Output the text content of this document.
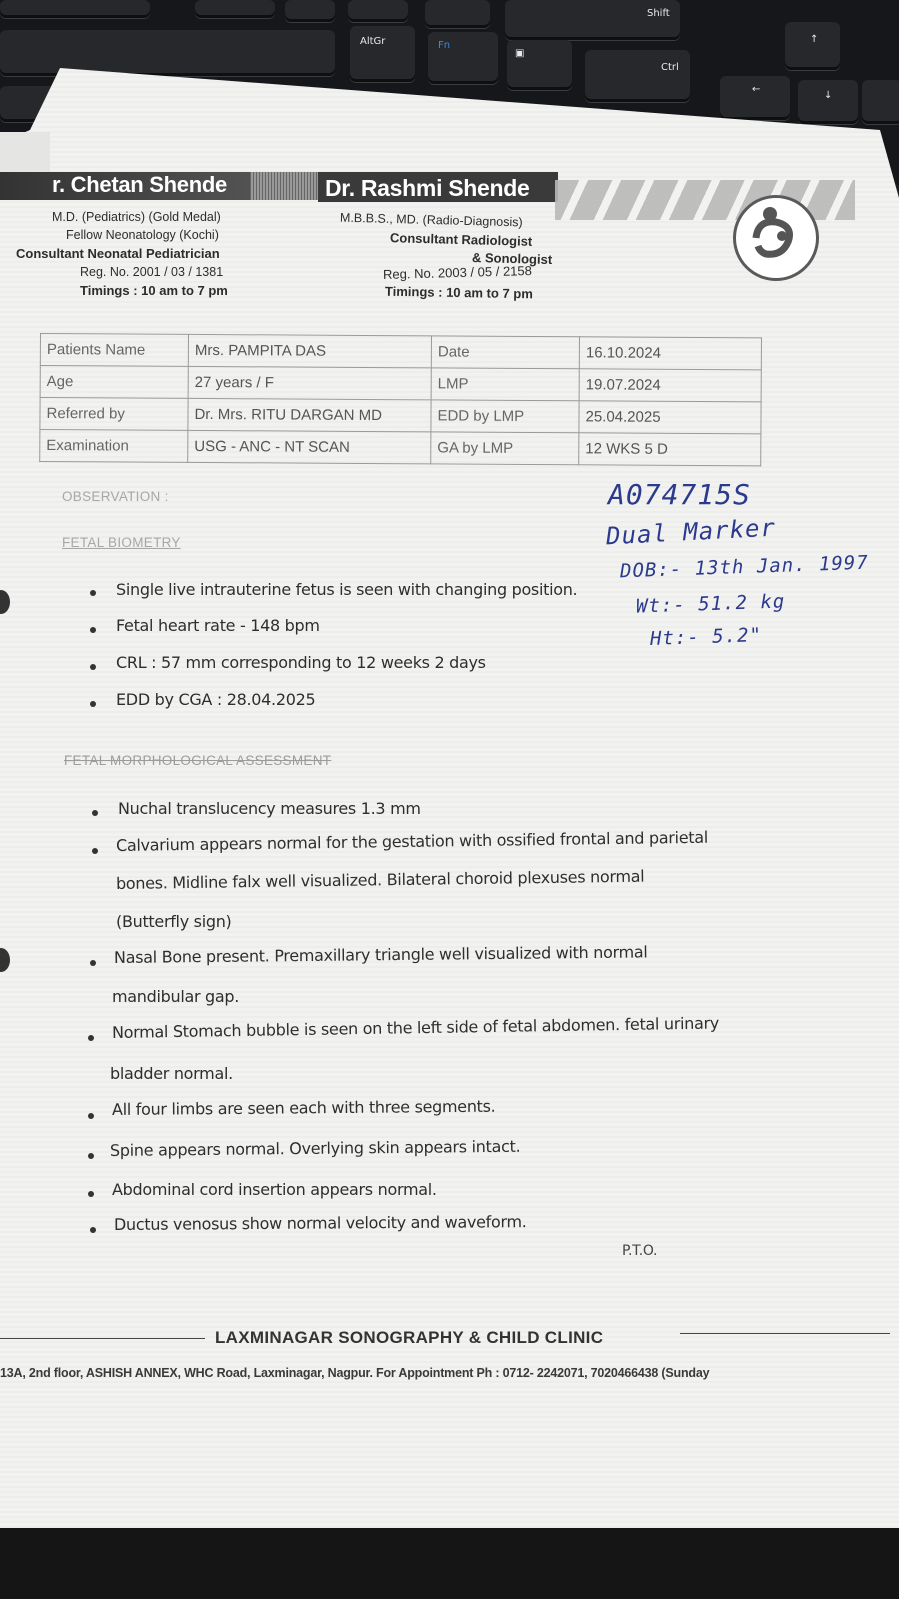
Shift
AltGr	Fn
▣
Ctrl
↑
←
↓
r. Chetan Shende	Dr. Rashmi Shende
M.D. (Pediatrics) (Gold Medal)
Fellow Neonatology (Kochi)
Consultant Neonatal Pediatrician
Reg. No. 2001 / 03 / 1381
Timings : 10 am to 7 pm
M.B.B.S., MD. (Radio-Diagnosis)
Consultant Radiologist
& Sonologist
Reg. No. 2003 / 05 / 2158
Timings : 10 am to 7 pm
Patients Name	Mrs. PAMPITA DAS	Date	16.10.2024
Age	27 years / F	LMP	19.07.2024
Referred by	Dr. Mrs. RITU DARGAN MD	EDD by LMP	25.04.2025
Examination	USG - ANC - NT SCAN	GA by LMP	12 WKS 5 D
OBSERVATION :
FETAL BIOMETRY
Single live intrauterine fetus is seen with changing position.
Fetal heart rate - 148 bpm
CRL : 57 mm corresponding to 12 weeks 2 days
EDD by CGA : 28.04.2025
FETAL MORPHOLOGICAL ASSESSMENT
Nuchal translucency measures 1.3 mm
Calvarium appears normal for the gestation with ossified frontal and parietal
bones. Midline falx well visualized. Bilateral choroid plexuses normal
(Butterfly sign)
Nasal Bone present. Premaxillary triangle well visualized with normal
mandibular gap.
Normal Stomach bubble is seen on the left side of fetal abdomen. fetal urinary
bladder normal.
All four limbs are seen each with three segments.
Spine appears normal. Overlying skin appears intact.
Abdominal cord insertion appears normal.
Ductus venosus show normal velocity and waveform.
P.T.O.
A074715S
Dual Marker
DOB:- 13th Jan. 1997
Wt:- 51.2 kg
Ht:- 5.2"
LAXMINAGAR SONOGRAPHY & CHILD CLINIC
13A, 2nd floor, ASHISH ANNEX, WHC Road, Laxminagar, Nagpur. For Appointment Ph : 0712- 2242071, 7020466438 (Sunday
